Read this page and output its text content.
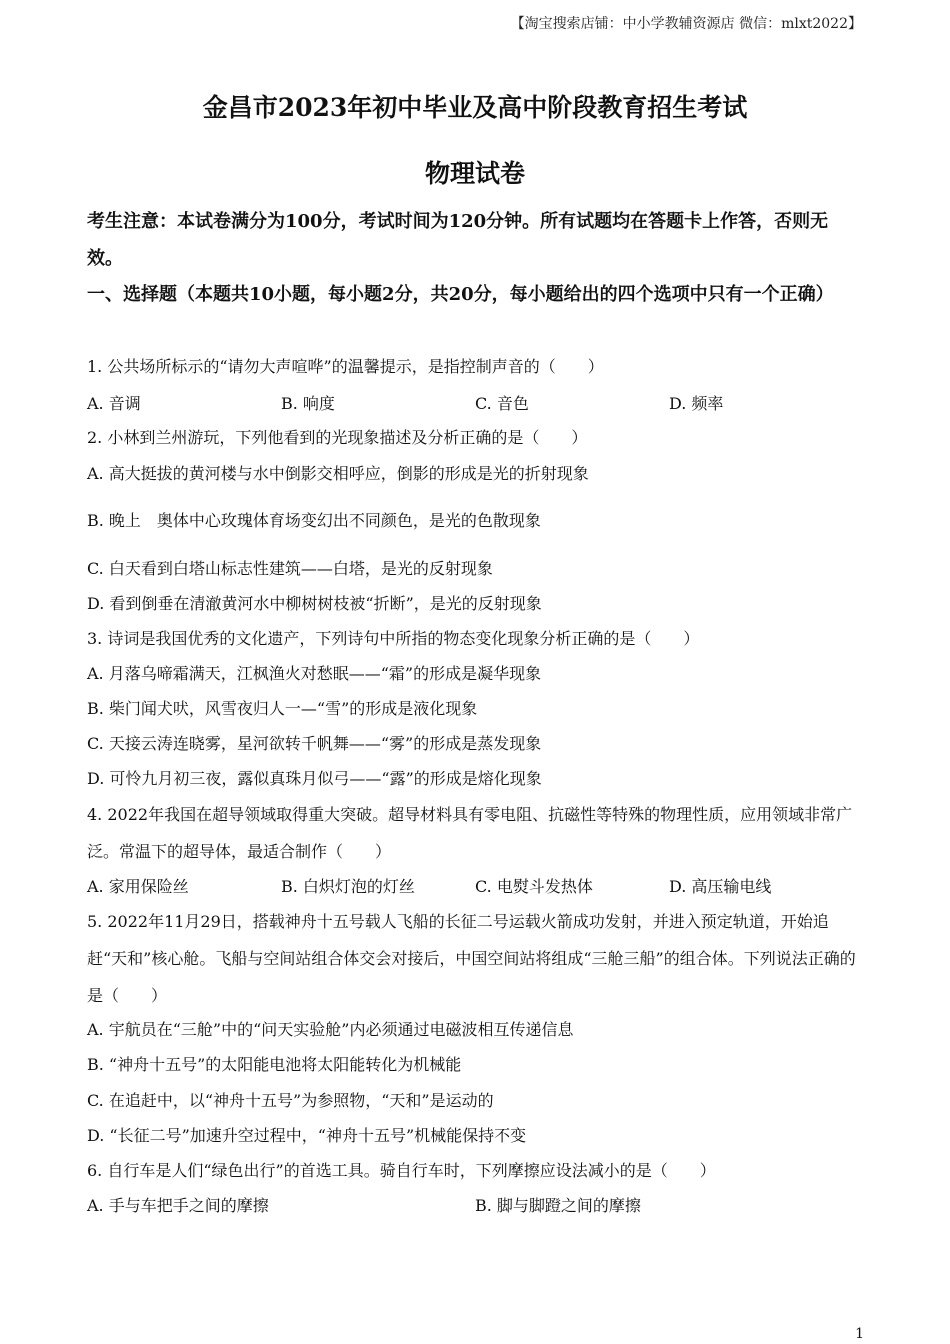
【淘宝搜索店铺：中小学教辅资源店 微信：mlxt2022】
金昌市2023年初中毕业及高中阶段教育招生考试
物理试卷
考生注意：本试卷满分为100分，考试时间为120分钟。所有试题均在答题卡上作答，否则无效。
一、选择题（本题共10小题，每小题2分，共20分，每小题给出的四个选项中只有一个正确）
1. 公共场所标示的“请勿大声喧哗”的温馨提示，是指控制声音的（　　）
A. 音调	B. 响度	C. 音色	D. 频率
2. 小林到兰州游玩，下列他看到的光现象描述及分析正确的是（　　）
A. 高大挺拔的黄河楼与水中倒影交相呼应，倒影的形成是光的折射现象
B. 晚上　奥体中心玫瑰体育场变幻出不同颜色，是光的色散现象
C. 白天看到白塔山标志性建筑——白塔，是光的反射现象
D. 看到倒垂在清澈黄河水中柳树树枝被“折断”，是光的反射现象
3. 诗词是我国优秀的文化遗产，下列诗句中所指的物态变化现象分析正确的是（　　）
A. 月落乌啼霜满天，江枫渔火对愁眠——“霜”的形成是凝华现象
B. 柴门闻犬吠，风雪夜归人一—“雪”的形成是液化现象
C. 天接云涛连晓雾，星河欲转千帆舞——“雾”的形成是蒸发现象
D. 可怜九月初三夜，露似真珠月似弓——“露”的形成是熔化现象
4. 2022年我国在超导领域取得重大突破。超导材料具有零电阻、抗磁性等特殊的物理性质，应用领域非常广泛。常温下的超导体，最适合制作（　　）
A. 家用保险丝	B. 白炽灯泡的灯丝	C. 电熨斗发热体	D. 高压输电线
5. 2022年11月29日，搭载神舟十五号载人飞船的长征二号运载火箭成功发射，并进入预定轨道，开始追赶“天和”核心舱。飞船与空间站组合体交会对接后，中国空间站将组成“三舱三船”的组合体。下列说法正确的是（　　）
A. 宇航员在“三舱”中的“问天实验舱”内必须通过电磁波相互传递信息
B. “神舟十五号”的太阳能电池将太阳能转化为机械能
C. 在追赶中，以“神舟十五号”为参照物，“天和”是运动的
D. “长征二号”加速升空过程中，“神舟十五号”机械能保持不变
6. 自行车是人们“绿色出行”的首选工具。骑自行车时，下列摩擦应设法减小的是（　　）
A. 手与车把手之间的摩擦	B. 脚与脚蹬之间的摩擦
1
